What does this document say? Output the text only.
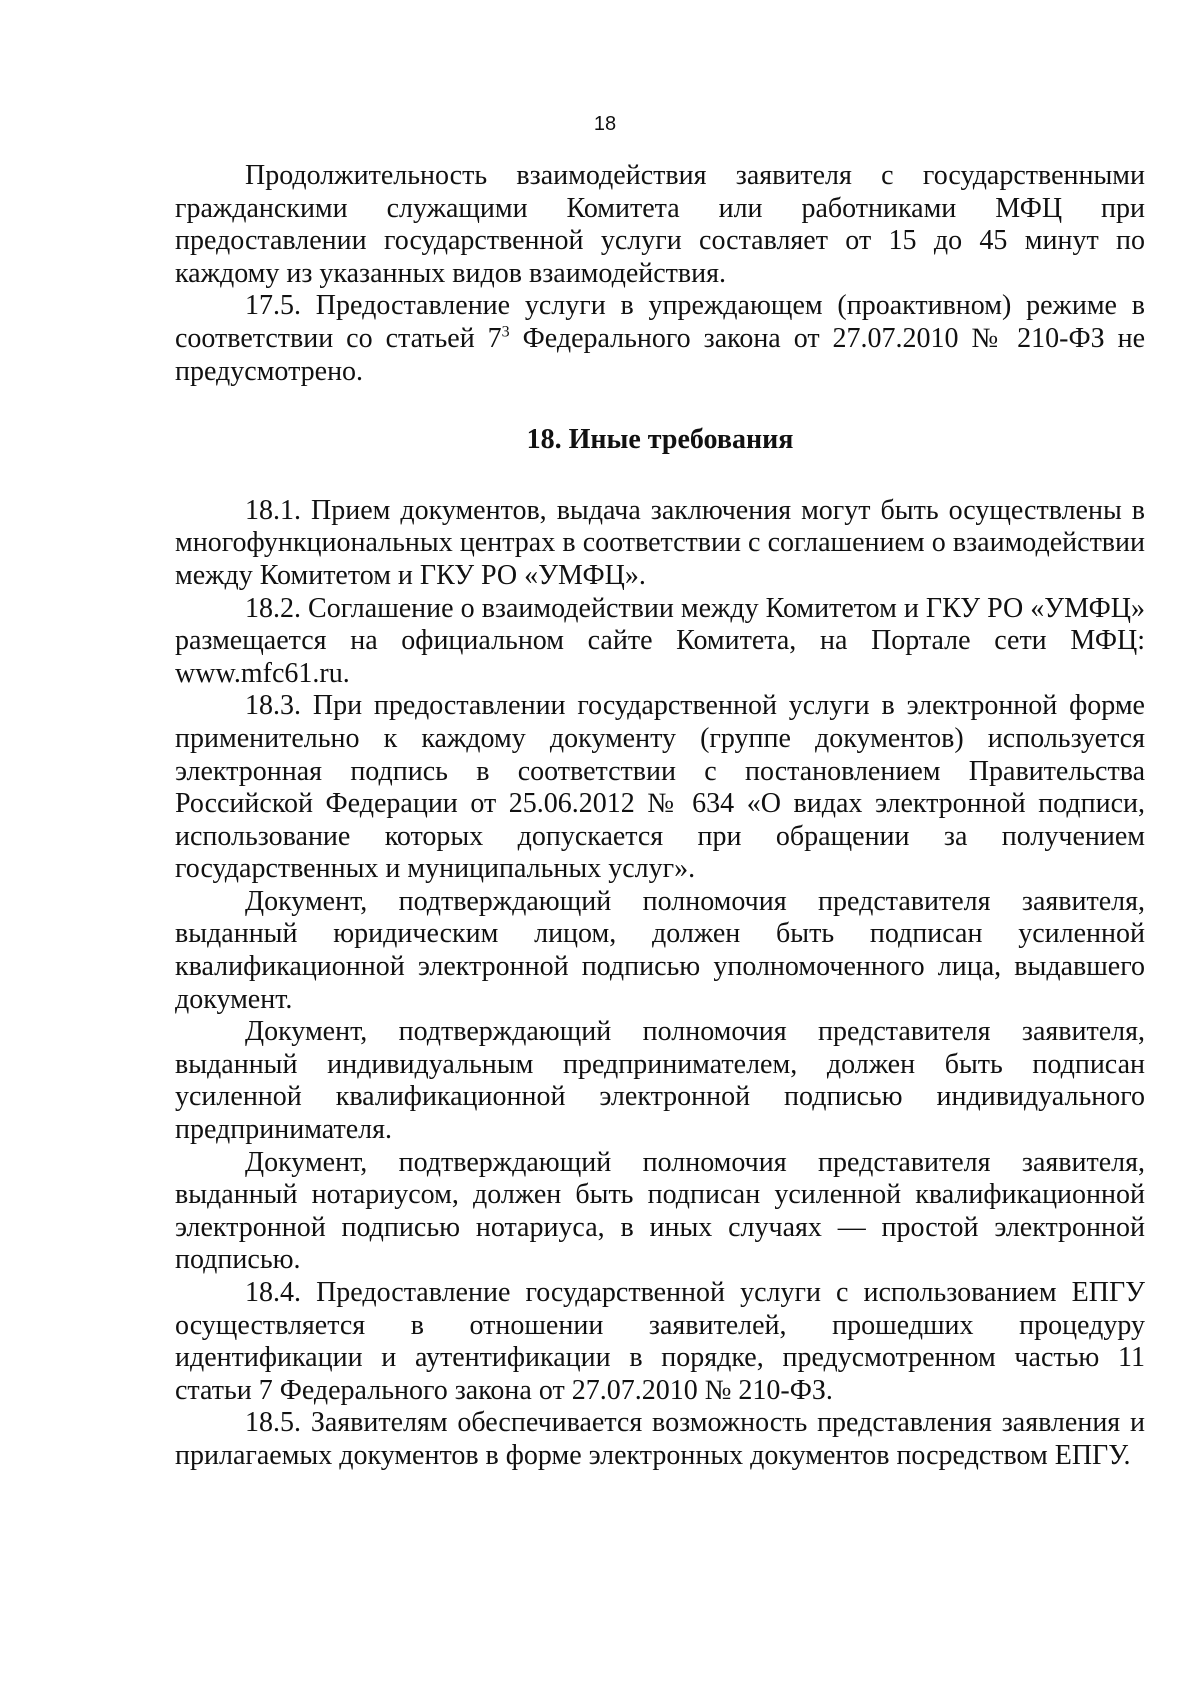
18

Продолжительность взаимодействия заявителя с государственными гражданскими служащими Комитета или работниками МФЦ при предоставлении государственной услуги составляет от 15 до 45 минут по каждому из указанных видов взаимодействия.

17.5. Предоставление услуги в упреждающем (проактивном) режиме в соответствии со статьей $7^3$ Федерального закона от 27.07.2010 № 210-ФЗ не предусмотрено.

18. Иные требования

18.1. Прием документов, выдача заключения могут быть осуществлены в многофункциональных центрах в соответствии с соглашением о взаимодействии между Комитетом и ГКУ РО «УМФЦ».

18.2. Соглашение о взаимодействии между Комитетом и ГКУ РО «УМФЦ» размещается на официальном сайте Комитета, на Портале сети МФЦ: www.mfc61.ru.

18.3. При предоставлении государственной услуги в электронной форме применительно к каждому документу (группе документов) используется электронная подпись в соответствии с постановлением Правительства Российской Федерации от 25.06.2012 № 634 «О видах электронной подписи, использование которых допускается при обращении за получением государственных и муниципальных услуг».

Документ, подтверждающий полномочия представителя заявителя, выданный юридическим лицом, должен быть подписан усиленной квалификационной электронной подписью уполномоченного лица, выдавшего документ.

Документ, подтверждающий полномочия представителя заявителя, выданный индивидуальным предпринимателем, должен быть подписан усиленной квалификационной электронной подписью индивидуального предпринимателя.

Документ, подтверждающий полномочия представителя заявителя, выданный нотариусом, должен быть подписан усиленной квалификационной электронной подписью нотариуса, в иных случаях — простой электронной подписью.

18.4. Предоставление государственной услуги с использованием ЕПГУ осуществляется в отношении заявителей, прошедших процедуру идентификации и аутентификации в порядке, предусмотренном частью 11 статьи 7 Федерального закона от 27.07.2010 № 210-ФЗ.

18.5. Заявителям обеспечивается возможность представления заявления и прилагаемых документов в форме электронных документов посредством ЕПГУ.
